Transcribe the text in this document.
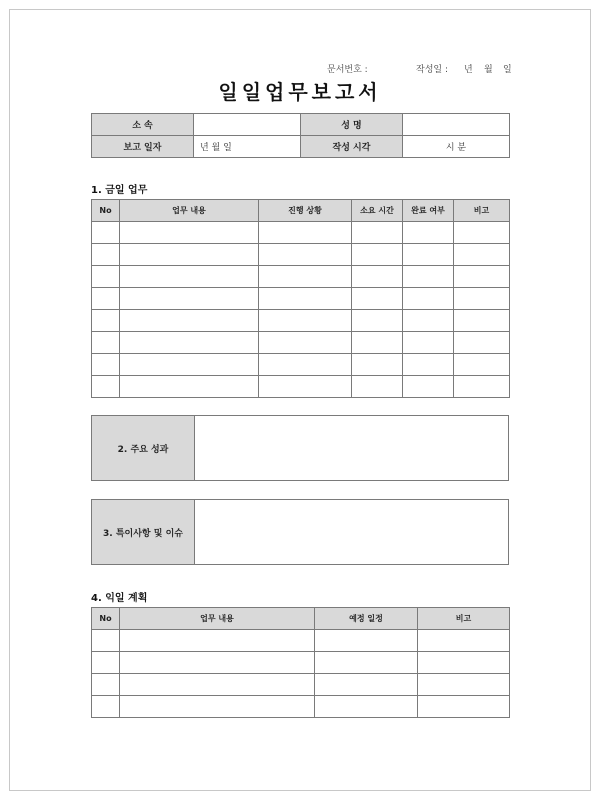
문서번호 :	작성일 : 년 월 일
일일업무보고서
소 속		성 명	
보고 일자	년 월 일	작성 시각	시 분
1. 금일 업무
No	업무 내용	진행 상황	소요 시간	완료 여부	비고

2. 주요 성과
3. 특이사항 및 이슈
4. 익일 계획
No	업무 내용	예정 일정	비고
